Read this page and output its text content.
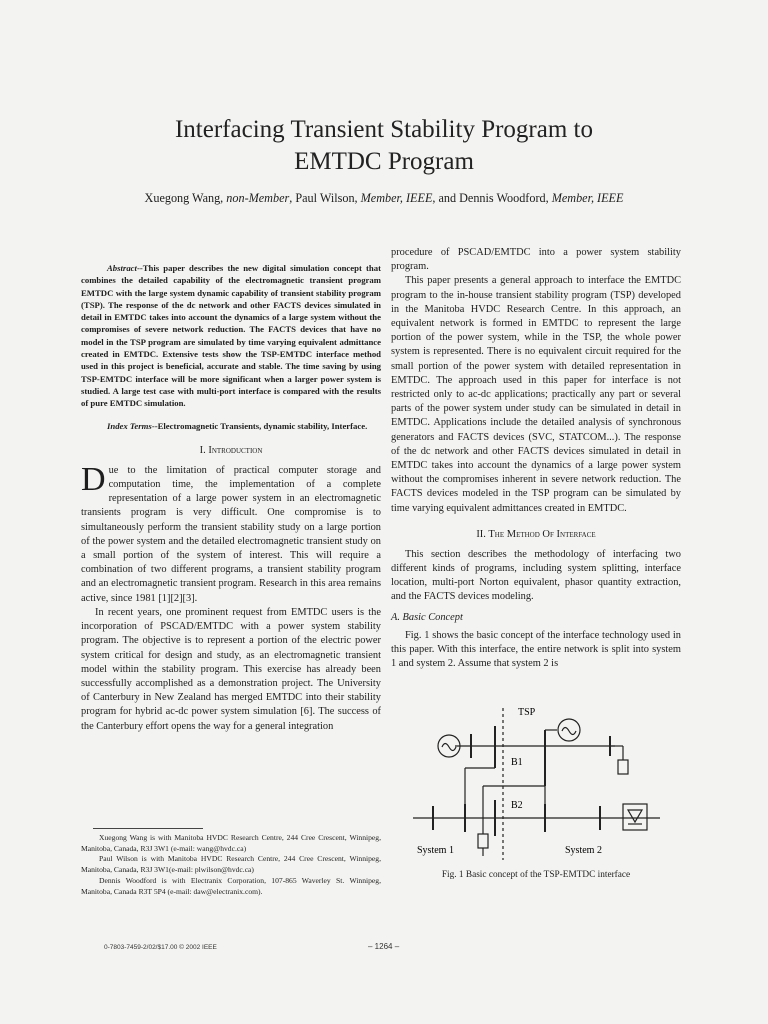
Interfacing Transient Stability Program to
EMTDC Program
Xuegong Wang, non-Member, Paul Wilson, Member, IEEE, and Dennis Woodford, Member, IEEE

Abstract--This paper describes the new digital simulation concept that combines the detailed capability of the electromagnetic transient program EMTDC with the large system dynamic capability of transient stability program (TSP). The response of the dc network and other FACTS devices simulated in detail in EMTDC takes into account the dynamics of a large system without the compromises of severe network reduction. The FACTS devices that have no model in the TSP program are simulated by time varying equivalent admittance created in EMTDC. Extensive tests show the TSP-EMTDC interface method used in this project is beneficial, accurate and stable. The time saving by using TSP-EMTDC interface will be more significant when a larger power system is studied. A large test case with multi-port interface is compared with the results of pure EMTDC simulation.

Index Terms--Electromagnetic Transients, dynamic stability, Interface.

I. Introduction

Due to the limitation of practical computer storage and computation time, the implementation of a complete representation of a large power system in an electromagnetic transients program is very difficult. One compromise is to simultaneously perform the transient stability study on a large portion of the power system and the detailed electromagnetic transient study on a small portion of the system of interest. This will require a combination of two different programs, a transient stability program and an electromagnetic transient program. Research in this area remains active, since 1981 [1][2][3].

In recent years, one prominent request from EMTDC users is the incorporation of PSCAD/EMTDC with a power system stability program. The objective is to represent a portion of the electric power system critical for design and study, as an electromagnetic transient model within the stability program. This exercise has already been successfully accomplished as a demonstration project. The University of Canterbury in New Zealand has merged EMTDC into their stability program for hybrid ac-dc power system simulation [6]. The success of the Canterbury effort opens the way for a general integration

procedure of PSCAD/EMTDC into a power system stability program.

This paper presents a general approach to interface the EMTDC program to the in-house transient stability program (TSP) developed in the Manitoba HVDC Research Centre. In this approach, an equivalent network is formed in EMTDC to represent the large portion of the power system, while in the TSP, the whole power system is represented. There is no equivalent circuit required for the small portion of the power system with detailed representation in EMTDC. The approach used in this paper for interface is not restricted only to ac-dc applications; practically any part or several parts of the power system under study can be simulated in detail in EMTDC. Applications include the detailed analysis of synchronous generators and FACTS devices (SVC, STATCOM...). The response of the dc network and other FACTS devices simulated in detail in EMTDC takes into account the dynamics of a large power system without the compromises inherent in severe network reduction. The FACTS devices modeled in the TSP program can be simulated by time varying equivalent admittances created in EMTDC.

II. The Method Of Interface

This section describes the methodology of interfacing two different kinds of programs, including system splitting, interface location, multi-port Norton equivalent, phasor quantity extraction, and the FACTS devices modeling.

A. Basic Concept

Fig. 1 shows the basic concept of the interface technology used in this paper. With this interface, the entire network is split into system 1 and system 2. Assume that system 2 is

TSP
B1
B2
System 1	System 2
Fig. 1 Basic concept of the TSP-EMTDC interface

Xuegong Wang is with Manitoba HVDC Research Centre, 244 Cree Crescent, Winnipeg, Manitoba, Canada, R3J 3W1 (e-mail: wang@hvdc.ca)

Paul Wilson is with Manitoba HVDC Research Centre, 244 Cree Crescent, Winnipeg, Manitoba, Canada, R3J 3W1(e-mail: plwilson@hvdc.ca)

Dennis Woodford is with Electranix Corporation, 107-865 Waverley St. Winnipeg, Manitoba, Canada R3T 5P4 (e-mail: daw@electranix.com).

0-7803-7459-2/02/$17.00 © 2002 IEEE	– 1264 –
